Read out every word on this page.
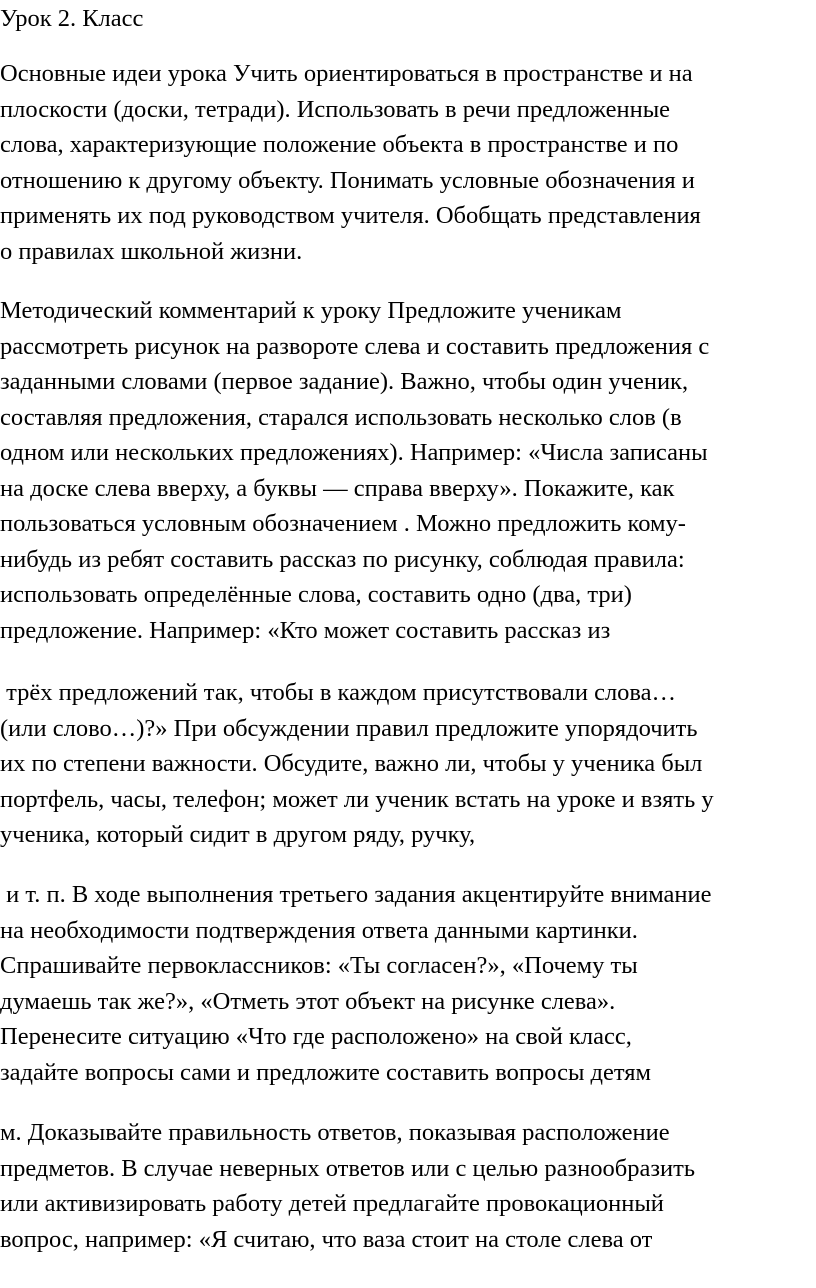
Урок 2. Класс

Основные идеи урока Учить ориентироваться в пространстве и на
плоскости (доски, тетради). Использовать в речи предложенные
слова, характеризующие положение объекта в пространстве и по
отношению к другому объекту. Понимать условные обозначения и
применять их под руководством учителя. Обобщать представления
о правилах школьной жизни.

Методический комментарий к уроку Предложите ученикам
рассмотреть рисунок на развороте слева и составить предложения с
заданными словами (первое задание). Важно, чтобы один ученик,
составляя предложения, старался использовать несколько слов (в
одном или нескольких предложениях). Например: «Числа записаны
на доске слева вверху, а буквы — справа вверху». Покажите, как
пользоваться условным обозначением . Можно предложить кому-
нибудь из ребят составить рассказ по рисунку, соблюдая правила:
использовать определённые слова, составить одно (два, три)
предложение. Например: «Кто может составить рассказ из

трёх предложений так, чтобы в каждом присутствовали слова…
(или слово…)?» При обсуждении правил предложите упорядочить
их по степени важности. Обсудите, важно ли, чтобы у ученика был
портфель, часы, телефон; может ли ученик встать на уроке и взять у
ученика, который сидит в другом ряду, ручку,

и т. п. В ходе выполнения третьего задания акцентируйте внимание
на необходимости подтверждения ответа данными картинки.
Спрашивайте первоклассников: «Ты согласен?», «Почему ты
думаешь так же?», «Отметь этот объект на рисунке слева».
Перенесите ситуацию «Что где расположено» на свой класс,
задайте вопросы сами и предложите составить вопросы детям

м. Доказывайте правильность ответов, показывая расположение
предметов. В случае неверных ответов или с целью разнообразить
или активизировать работу детей предлагайте провокационный
вопрос, например: «Я считаю, что ваза стоит на столе слева от
